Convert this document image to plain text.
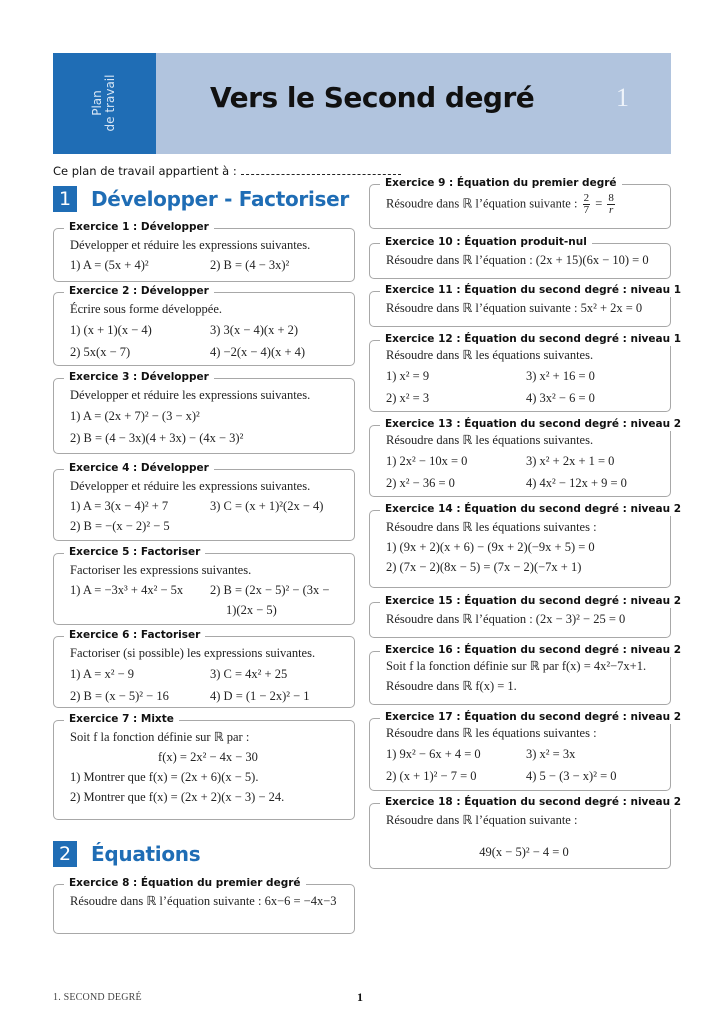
Plan de travail	Vers le Second degré	1
Ce plan de travail appartient à :
1 Développer - Factoriser
Exercice 1 : Développer
Développer et réduire les expressions suivantes.
1) A = (5x + 4)²	2) B = (4 − 3x)²
Exercice 2 : Développer
Écrire sous forme développée.
1) (x + 1)(x − 4)	3) 3(x − 4)(x + 2)
2) 5x(x − 7)	4) −2(x − 4)(x + 4)
Exercice 3 : Développer
Développer et réduire les expressions suivantes.
1) A = (2x + 7)² − (3 − x)²
2) B = (4 − 3x)(4 + 3x) − (4x − 3)²
Exercice 4 : Développer
Développer et réduire les expressions suivantes.
1) A = 3(x − 4)² + 7	3) C = (x + 1)²(2x − 4)
2) B = −(x − 2)² − 5
Exercice 5 : Factoriser
Factoriser les expressions suivantes.
1) A = −3x³ + 4x² − 5x	2) B = (2x − 5)² − (3x −
1)(2x − 5)
Exercice 6 : Factoriser
Factoriser (si possible) les expressions suivantes.
1) A = x² − 9	3) C = 4x² + 25
2) B = (x − 5)² − 16	4) D = (1 − 2x)² − 1
Exercice 7 : Mixte
Soit f la fonction définie sur ℝ par :
f(x) = 2x² − 4x − 30
1) Montrer que f(x) = (2x + 6)(x − 5).
2) Montrer que f(x) = (2x + 2)(x − 3) − 24.
2 Équations
Exercice 8 : Équation du premier degré
Résoudre dans ℝ l’équation suivante : 6x−6 = −4x−3
Exercice 9 : Équation du premier degré
Résoudre dans ℝ l’équation suivante : $\frac{2}{7} = \frac{8}{r}$
Exercice 10 : Équation produit-nul
Résoudre dans ℝ l’équation : (2x + 15)(6x − 10) = 0
Exercice 11 : Équation du second degré : niveau 1
Résoudre dans ℝ l’équation suivante : 5x² + 2x = 0
Exercice 12 : Équation du second degré : niveau 1
Résoudre dans ℝ les équations suivantes.
1) x² = 9	3) x² + 16 = 0
2) x² = 3	4) 3x² − 6 = 0
Exercice 13 : Équation du second degré : niveau 2
Résoudre dans ℝ les équations suivantes.
1) 2x² − 10x = 0	3) x² + 2x + 1 = 0
2) x² − 36 = 0	4) 4x² − 12x + 9 = 0
Exercice 14 : Équation du second degré : niveau 2
Résoudre dans ℝ les équations suivantes :
1) (9x + 2)(x + 6) − (9x + 2)(−9x + 5) = 0
2) (7x − 2)(8x − 5) = (7x − 2)(−7x + 1)
Exercice 15 : Équation du second degré : niveau 2
Résoudre dans ℝ l’équation : (2x − 3)² − 25 = 0
Exercice 16 : Équation du second degré : niveau 2
Soit f la fonction définie sur ℝ par f(x) = 4x²−7x+1.
Résoudre dans ℝ f(x) = 1.
Exercice 17 : Équation du second degré : niveau 2
Résoudre dans ℝ les équations suivantes :
1) 9x² − 6x + 4 = 0	3) x² = 3x
2) (x + 1)² − 7 = 0	4) 5 − (3 − x)² = 0
Exercice 18 : Équation du second degré : niveau 2
Résoudre dans ℝ l’équation suivante :
49(x − 5)² − 4 = 0
1. SECOND DEGRÉ	1
